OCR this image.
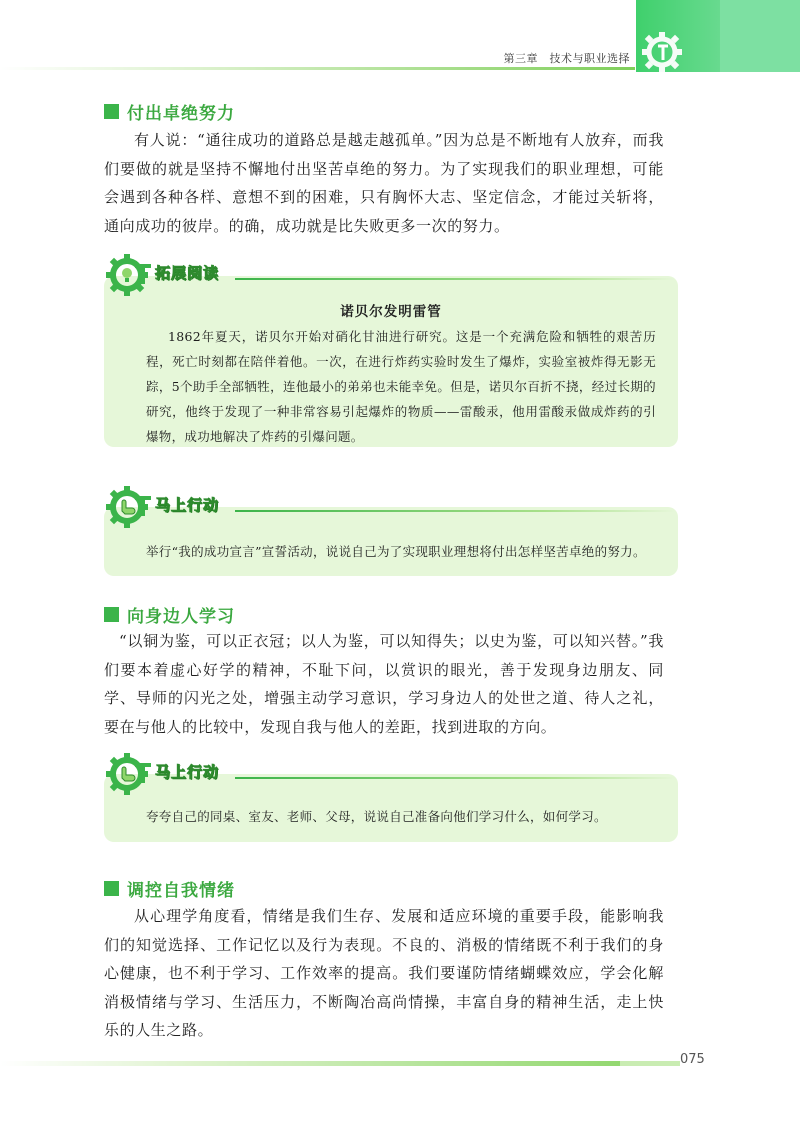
第三章　技术与职业选择
付出卓绝努力

有人说：“通往成功的道路总是越走越孤单。”因为总是不断地有人放弃，而我们要做的就是坚持不懈地付出坚苦卓绝的努力。为了实现我们的职业理想，可能会遇到各种各样、意想不到的困难，只有胸怀大志、坚定信念，才能过关斩将，通向成功的彼岸。的确，成功就是比失败更多一次的努力。

诺贝尔发明雷管

1862年夏天，诺贝尔开始对硝化甘油进行研究。这是一个充满危险和牺牲的艰苦历程，死亡时刻都在陪伴着他。一次，在进行炸药实验时发生了爆炸，实验室被炸得无影无踪，5个助手全部牺牲，连他最小的弟弟也未能幸免。但是，诺贝尔百折不挠，经过长期的研究，他终于发现了一种非常容易引起爆炸的物质——雷酸汞，他用雷酸汞做成炸药的引爆物，成功地解决了炸药的引爆问题。

拓展阅读

举行“我的成功宣言”宣誓活动，说说自己为了实现职业理想将付出怎样坚苦卓绝的努力。

马上行动
向身边人学习

“以铜为鉴，可以正衣冠；以人为鉴，可以知得失；以史为鉴，可以知兴替。”我们要本着虚心好学的精神，不耻下问，以赏识的眼光，善于发现身边朋友、同学、导师的闪光之处，增强主动学习意识，学习身边人的处世之道、待人之礼，要在与他人的比较中，发现自我与他人的差距，找到进取的方向。

夸夸自己的同桌、室友、老师、父母，说说自己准备向他们学习什么，如何学习。

马上行动
调控自我情绪

从心理学角度看，情绪是我们生存、发展和适应环境的重要手段，能影响我们的知觉选择、工作记忆以及行为表现。不良的、消极的情绪既不利于我们的身心健康，也不利于学习、工作效率的提高。我们要谨防情绪蝴蝶效应，学会化解消极情绪与学习、生活压力，不断陶冶高尚情操，丰富自身的精神生活，走上快乐的人生之路。

075
